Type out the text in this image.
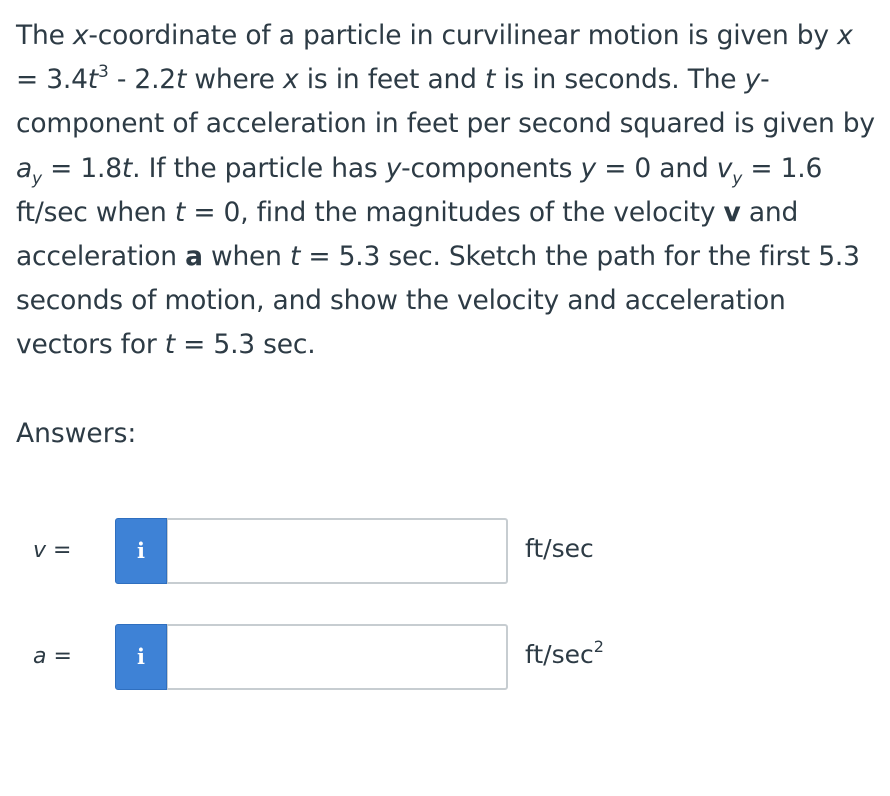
The x-coordinate of a particle in curvilinear motion is given by $x = 3.4t^3 - 2.2t$ where x is in feet and t is in seconds. The y-component of acceleration in feet per second squared is given by $a_y = 1.8t$. If the particle has y-components y = 0 and $v_y = 1.6$ ft/sec when t = 0, find the magnitudes of the velocity v and acceleration a when t = 5.3 sec. Sketch the path for the first 5.3 seconds of motion, and show the velocity and acceleration vectors for t = 5.3 sec.

Answers:
v =	i	ft/sec
a =	i	$ft/\sec^2$
